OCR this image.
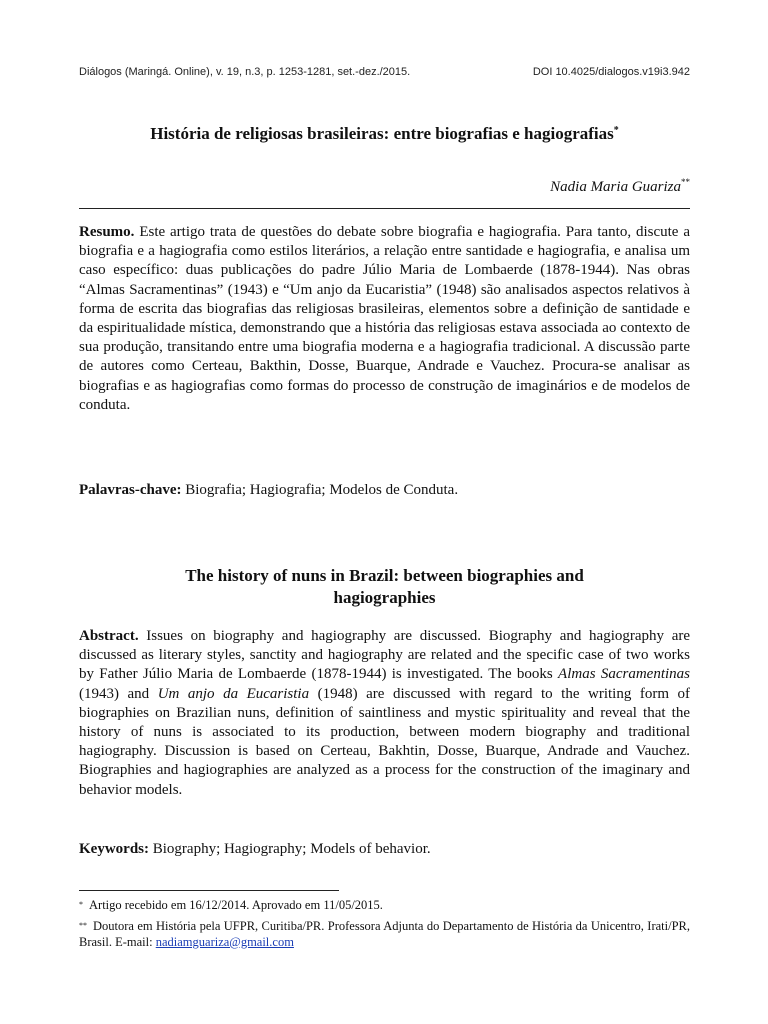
Diálogos (Maringá. Online), v. 19, n.3, p. 1253-1281, set.-dez./2015.	DOI 10.4025/dialogos.v19i3.942
História de religiosas brasileiras: entre biografias e hagiografias*
Nadia Maria Guariza**
Resumo. Este artigo trata de questões do debate sobre biografia e hagiografia. Para tanto, discute a biografia e a hagiografia como estilos literários, a relação entre santidade e hagiografia, e analisa um caso específico: duas publicações do padre Júlio Maria de Lombaerde (1878-1944). Nas obras “Almas Sacramentinas” (1943) e “Um anjo da Eucaristia” (1948) são analisados aspectos relativos à forma de escrita das biografias das religiosas brasileiras, elementos sobre a definição de santidade e da espiritualidade mística, demonstrando que a história das religiosas estava associada ao contexto de sua produção, transitando entre uma biografia moderna e a hagiografia tradicional. A discussão parte de autores como Certeau, Bakthin, Dosse, Buarque, Andrade e Vauchez. Procura-se analisar as biografias e as hagiografias como formas do processo de construção de imaginários e de modelos de conduta.
Palavras-chave: Biografia; Hagiografia; Modelos de Conduta.
The history of nuns in Brazil: between biographies and
hagiographies
Abstract. Issues on biography and hagiography are discussed. Biography and hagiography are discussed as literary styles, sanctity and hagiography are related and the specific case of two works by Father Júlio Maria de Lombaerde (1878-1944) is investigated. The books Almas Sacramentinas (1943) and Um anjo da Eucaristia (1948) are discussed with regard to the writing form of biographies on Brazilian nuns, definition of saintliness and mystic spirituality and reveal that the history of nuns is associated to its production, between modern biography and traditional hagiography. Discussion is based on Certeau, Bakhtin, Dosse, Buarque, Andrade and Vauchez. Biographies and hagiographies are analyzed as a process for the construction of the imaginary and behavior models.
Keywords: Biography; Hagiography; Models of behavior.
* Artigo recebido em 16/12/2014. Aprovado em 11/05/2015.
** Doutora em História pela UFPR, Curitiba/PR. Professora Adjunta do Departamento de História da Unicentro, Irati/PR, Brasil. E-mail: nadiamguariza@gmail.com
